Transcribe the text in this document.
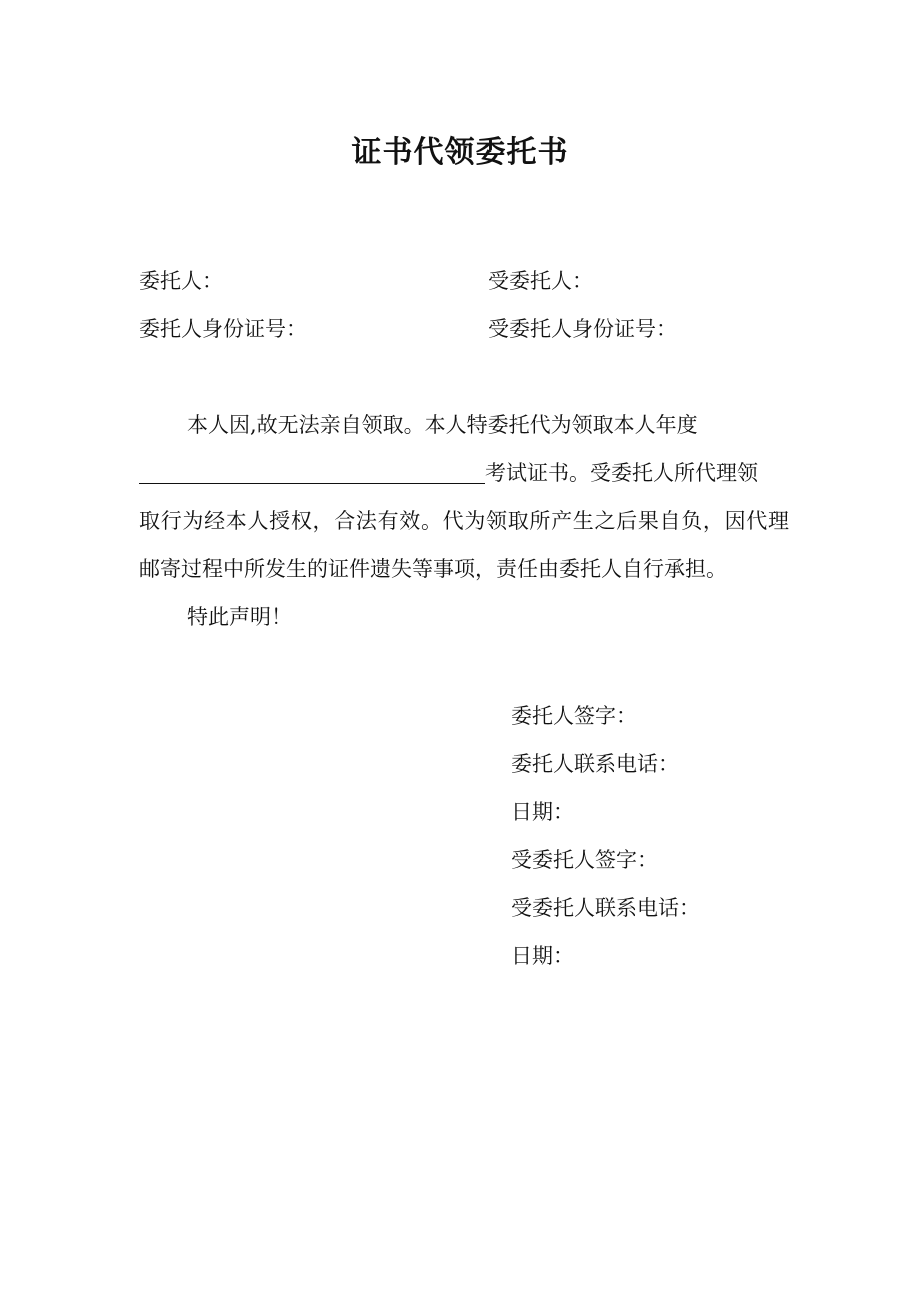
证书代领委托书
委托人：	受委托人：
委托人身份证号：	受委托人身份证号：
本人因,故无法亲自领取。本人特委托代为领取本人年度
考试证书。受委托人所代理领
取行为经本人授权，合法有效。代为领取所产生之后果自负，因代理邮寄过程中所发生的证件遗失等事项，责任由委托人自行承担。
特此声明！
委托人签字：
委托人联系电话：
日期：
受委托人签字：
受委托人联系电话：
日期：
